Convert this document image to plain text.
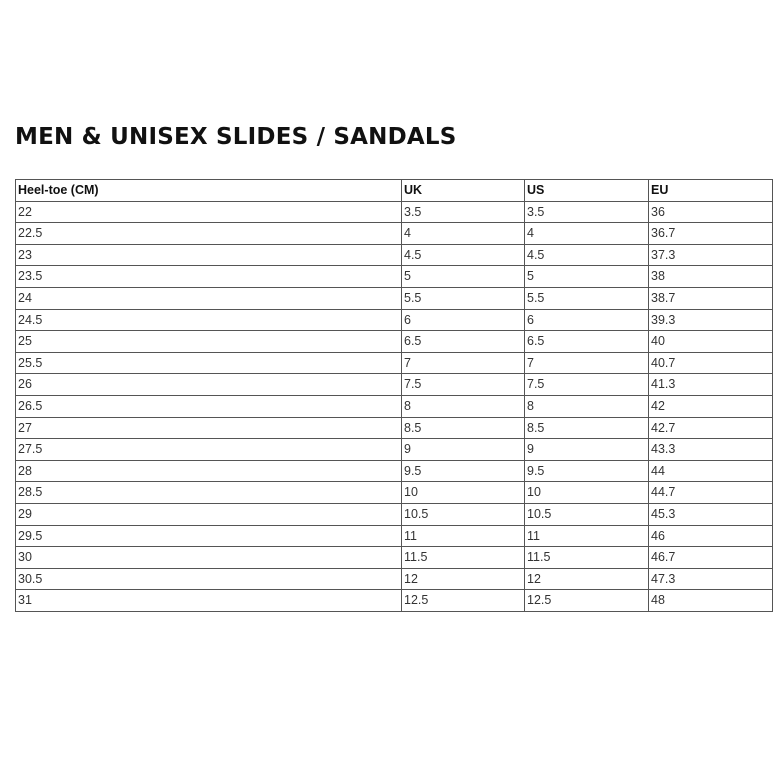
MEN & UNISEX SLIDES / SANDALS
Heel-toe (CM)	UK	US	EU
22	3.5	3.5	36
22.5	4	4	36.7
23	4.5	4.5	37.3
23.5	5	5	38
24	5.5	5.5	38.7
24.5	6	6	39.3
25	6.5	6.5	40
25.5	7	7	40.7
26	7.5	7.5	41.3
26.5	8	8	42
27	8.5	8.5	42.7
27.5	9	9	43.3
28	9.5	9.5	44
28.5	10	10	44.7
29	10.5	10.5	45.3
29.5	11	11	46
30	11.5	11.5	46.7
30.5	12	12	47.3
31	12.5	12.5	48
